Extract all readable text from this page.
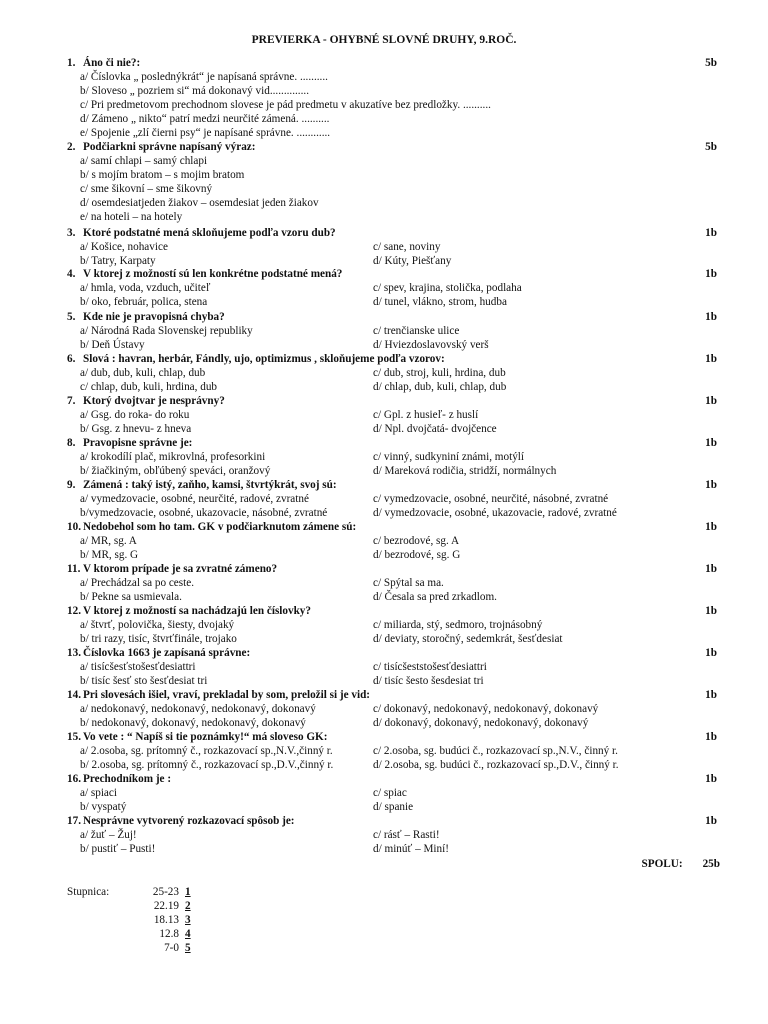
PREVIERKA - OHYBNÉ SLOVNÉ DRUHY, 9.ROČ.
1. Áno či nie?:	5b
a/ Číslovka „ poslednýkrát“ je napísaná správne. ..........
b/ Sloveso „ pozriem si“ má dokonavý vid..............
c/ Pri predmetovom prechodnom slovese je pád predmetu v akuzatíve bez predložky. ..........
d/ Zámeno „ nikto“ patrí medzi neurčité zámená. ..........
e/ Spojenie „zlí čierni psy“ je napísané správne. ............
2. Podčiarkni správne napísaný výraz:	5b
a/ samí chlapi – samý chlapi
b/ s mojím bratom – s mojim bratom
c/ sme šikovní – sme šikovný
d/ osemdesiatjeden žiakov – osemdesiat jeden žiakov
e/ na hoteli – na hotely
3. Ktoré podstatné mená skloňujeme podľa vzoru dub?	1b
a/ Košice, nohavice	c/ sane, noviny
b/ Tatry, Karpaty	d/ Kúty, Piešťany
4. V ktorej z možností sú len konkrétne podstatné mená?	1b
a/ hmla, voda, vzduch, učiteľ	c/ spev, krajina, stolička, podlaha
b/ oko, február, polica, stena	d/ tunel, vlákno, strom, hudba
5. Kde nie je pravopisná chyba?	1b
a/ Národná Rada Slovenskej republiky	c/ trenčianske ulice
b/ Deň Ústavy	d/ Hviezdoslavovský verš
6. Slová : havran, herbár, Fándly, ujo, optimizmus , skloňujeme podľa vzorov:	1b
a/ dub, dub, kuli, chlap, dub	c/ dub, stroj, kuli, hrdina, dub
c/ chlap, dub, kuli, hrdina, dub	d/ chlap, dub, kuli, chlap, dub
7. Ktorý dvojtvar je nesprávny?	1b
a/ Gsg. do roka- do roku	c/ Gpl. z husieľ- z huslí
b/ Gsg. z hnevu- z hneva	d/ Npl. dvojčatá- dvojčence
8. Pravopisne správne je:	1b
a/ krokodílí plač, mikrovlná, profesorkini	c/ vinný, sudkyniní známi, motýlí
b/ žiačkiným, obľúbený speváci, oranžový	d/ Mareková rodičia, stridží, normálnych
9. Zámená : taký istý, zaňho, kamsi, štvrtýkrát, svoj sú:	1b
a/ vymedzovacie, osobné, neurčité, radové, zvratné	c/ vymedzovacie, osobné, neurčité, násobné, zvratné
b/vymedzovacie, osobné, ukazovacie, násobné, zvratné	d/ vymedzovacie, osobné, ukazovacie, radové, zvratné
10. Nedobehol som ho tam. GK v podčiarknutom zámene sú:	1b
a/ MR, sg. A	c/ bezrodové, sg. A
b/ MR, sg. G	d/ bezrodové, sg. G
11. V ktorom prípade je sa zvratné zámeno?	1b
a/ Prechádzal sa po ceste.	c/ Spýtal sa ma.
b/ Pekne sa usmievala.	d/ Česala sa pred zrkadlom.
12. V ktorej z možností sa nachádzajú len číslovky?	1b
a/ štvrť, polovička, šiesty, dvojaký	c/ miliarda, stý, sedmoro, trojnásobný
b/ tri razy, tisíc, štvrťfinále, trojako	d/ deviaty, storočný, sedemkrát, šesťdesiat
13. Číslovka 1663 je zapísaná správne:	1b
a/ tisícšesťstošesťdesiattri	c/ tisícšeststošesťdesiattri
b/ tisíc šesť sto šesťdesiat tri	d/ tisíc šesto šesdesiat tri
14. Pri slovesách išiel, vraví, prekladal by som, preložil si je vid:	1b
a/ nedokonavý, nedokonavý, nedokonavý, dokonavý	c/ dokonavý, nedokonavý, nedokonavý, dokonavý
b/ nedokonavý, dokonavý, nedokonavý, dokonavý	d/ dokonavý, dokonavý, nedokonavý, dokonavý
15. Vo vete : “ Napíš si tie poznámky!“ má sloveso GK:	1b
a/ 2.osoba, sg. prítomný č., rozkazovací sp.,N.V.,činný r.	c/ 2.osoba, sg. budúci č., rozkazovací sp.,N.V., činný r.
b/ 2.osoba, sg. prítomný č., rozkazovací sp.,D.V.,činný r.	d/ 2.osoba, sg. budúci č., rozkazovací sp.,D.V., činný r.
16. Prechodníkom je :	1b
a/ spiaci	c/ spiac
b/ vyspatý	d/ spanie
17. Nesprávne vytvorený rozkazovací spôsob je:	1b
a/ žuť – Žuj!	c/ rásť – Rasti!
b/ pustiť – Pusti!	d/ minúť – Miní!
SPOLU: 25b
Stupnica:	25-23 1
22.19 2
18.13 3
12.8 4
7-0 5
